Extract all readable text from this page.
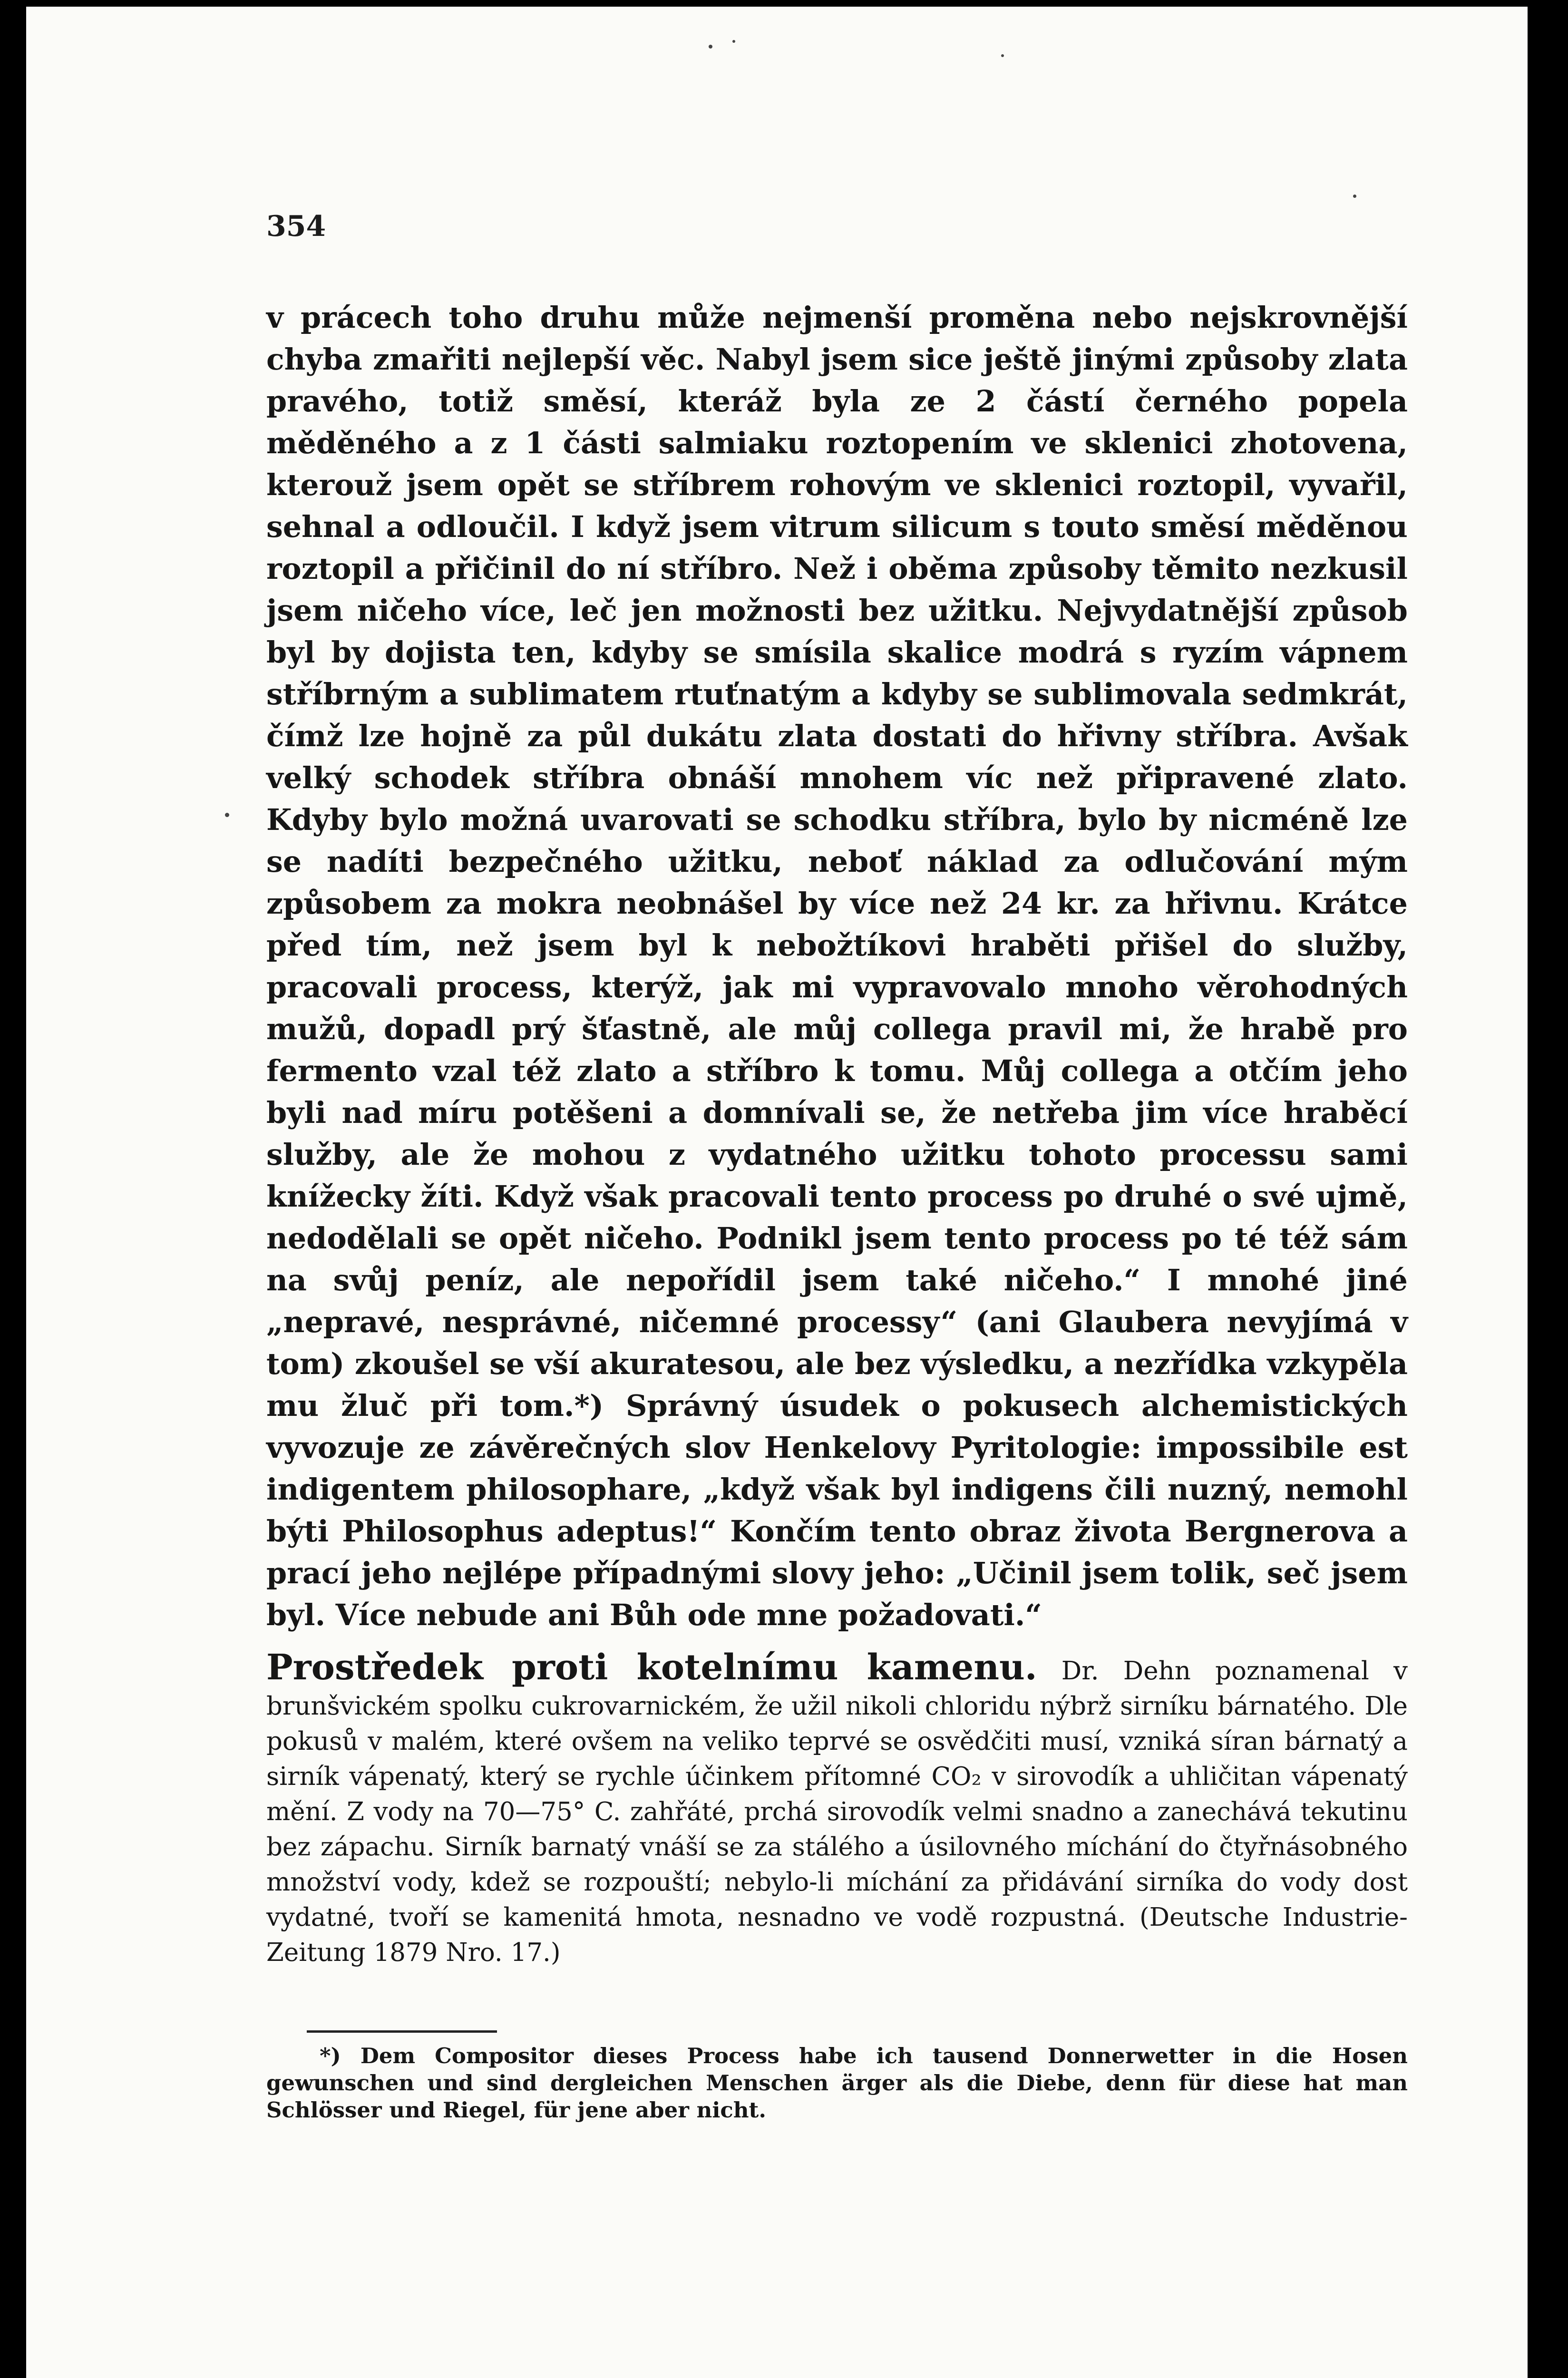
354

v prácech toho druhu může nejmenší proměna nebo nejskrovnější chyba zmařiti nejlepší věc. Nabyl jsem sice ještě jinými způsoby zlata pravého, totiž směsí, kteráž byla ze 2 částí černého popela měděného a z 1 části salmiaku roztopením ve sklenici zhotovena, kterouž jsem opět se stříbrem rohovým ve sklenici roztopil, vyvařil, sehnal a odloučil. I když jsem vitrum silicum s touto směsí měděnou roztopil a přičinil do ní stříbro. Než i oběma způsoby těmito nezkusil jsem ničeho více, leč jen možnosti bez užitku. Nejvydatnější způsob byl by dojista ten, kdyby se smísila skalice modrá s ryzím vápnem stříbrným a sublimatem rtuťnatým a kdyby se sublimovala sedmkrát, čímž lze hojně za půl dukátu zlata dostati do hřivny stříbra. Avšak velký schodek stříbra obnáší mnohem víc než připravené zlato. Kdyby bylo možná uvarovati se schodku stříbra, bylo by nicméně lze se nadíti bezpečného užitku, neboť náklad za odlučování mým způsobem za mokra neobnášel by více než 24 kr. za hřivnu. Krátce před tím, než jsem byl k nebožtíkovi hraběti přišel do služby, pracovali process, kterýž, jak mi vypravovalo mnoho věrohodných mužů, dopadl prý šťastně, ale můj collega pravil mi, že hrabě pro fermento vzal též zlato a stříbro k tomu. Můj collega a otčím jeho byli nad míru potěšeni a domnívali se, že netřeba jim více hraběcí služby, ale že mohou z vydatného užitku tohoto processu sami knížecky žíti. Když však pracovali tento process po druhé o své ujmě, nedodělali se opět ničeho. Podnikl jsem tento process po té též sám na svůj peníz, ale nepořídil jsem také ničeho.“ I mnohé jiné „nepravé, nesprávné, ničemné processy“ (ani Glaubera nevyjímá v tom) zkoušel se vší akuratesou, ale bez výsledku, a nezřídka vzkypěla mu žluč při tom.*) Správný úsudek o pokusech alchemistických vyvozuje ze závěrečných slov Henkelovy Pyritologie: impossibile est indigentem philosophare, „když však byl indigens čili nuzný, nemohl býti Philosophus adeptus!“ Končím tento obraz života Bergnerova a prací jeho nejlépe případnými slovy jeho: „Učinil jsem tolik, seč jsem byl. Více nebude ani Bůh ode mne požadovati.“

Prostředek proti kotelnímu kamenu. Dr. Dehn poznamenal v brunšvickém spolku cukrovarnickém, že užil nikoli chloridu nýbrž sirníku bárnatého. Dle pokusů v malém, které ovšem na veliko teprvé se osvědčiti musí, vzniká síran bárnatý a sirník vápenatý, který se rychle účinkem přítomné CO₂ v sirovodík a uhličitan vápenatý mění. Z vody na 70—75° C. zahřáté, prchá sirovodík velmi snadno a zanechává tekutinu bez zápachu. Sirník barnatý vnáší se za stálého a úsilovného míchání do čtyřnásobného množství vody, kdež se rozpouští; nebylo-li míchání za přidávání sirníka do vody dost vydatné, tvoří se kamenitá hmota, nesnadno ve vodě rozpustná. (Deutsche Industrie-Zeitung 1879 Nro. 17.)

*) Dem Compositor dieses Process habe ich tausend Donnerwetter in die Hosen gewunschen und sind dergleichen Menschen ärger als die Diebe, denn für diese hat man Schlösser und Riegel, für jene aber nicht.
